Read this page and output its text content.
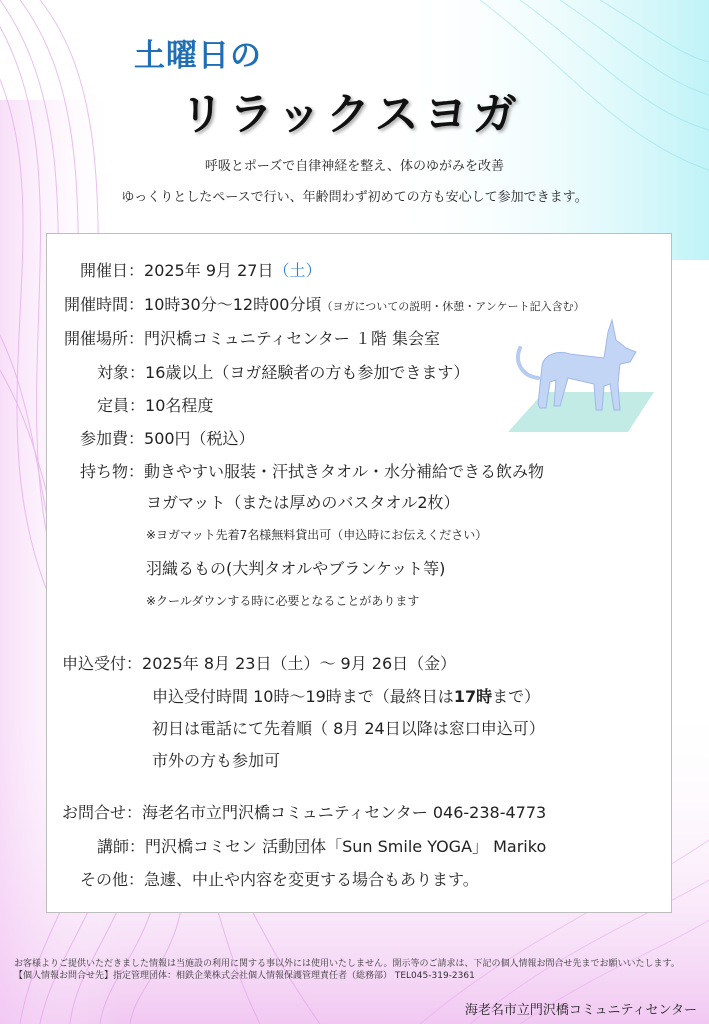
土曜日の
リラックスヨガ
呼吸とポーズで自律神経を整え、体のゆがみを改善
ゆっくりとしたペースで行い、年齢問わず初めての方も安心して参加できます。
開催日：2025年 9月 27日（土）
開催時間：10時30分～12時00分頃（ヨガについての説明・休憩・アンケート記入含む）
開催場所：門沢橋コミュニティセンター １階 集会室
対象：16歳以上（ヨガ経験者の方も参加できます）
定員：10名程度
参加費：500円（税込）
持ち物：動きやすい服装・汗拭きタオル・水分補給できる飲み物
ヨガマット（または厚めのバスタオル2枚）
※ヨガマット先着7名様無料貸出可（申込時にお伝えください）
羽織るもの(大判タオルやブランケット等)
※クールダウンする時に必要となることがあります
申込受付：2025年 8月 23日（土）～ 9月 26日（金）
申込受付時間 10時～19時まで（最終日は17時まで）
初日は電話にて先着順（ 8月 24日以降は窓口申込可）
市外の方も参加可
お問合せ：海老名市立門沢橋コミュニティセンター 046-238-4773
講師：門沢橋コミセン 活動団体「Sun Smile YOGA」 Mariko
その他：急遽、中止や内容を変更する場合もあります。
お客様よりご提供いただきました情報は当施設の利用に関する事以外には使用いたしません。開示等のご請求は、下記の個人情報お問合せ先までお願いいたします。
【個人情報お問合せ先】指定管理団体：相鉄企業株式会社個人情報保護管理責任者（総務部） TEL045-319-2361
海老名市立門沢橋コミュニティセンター
